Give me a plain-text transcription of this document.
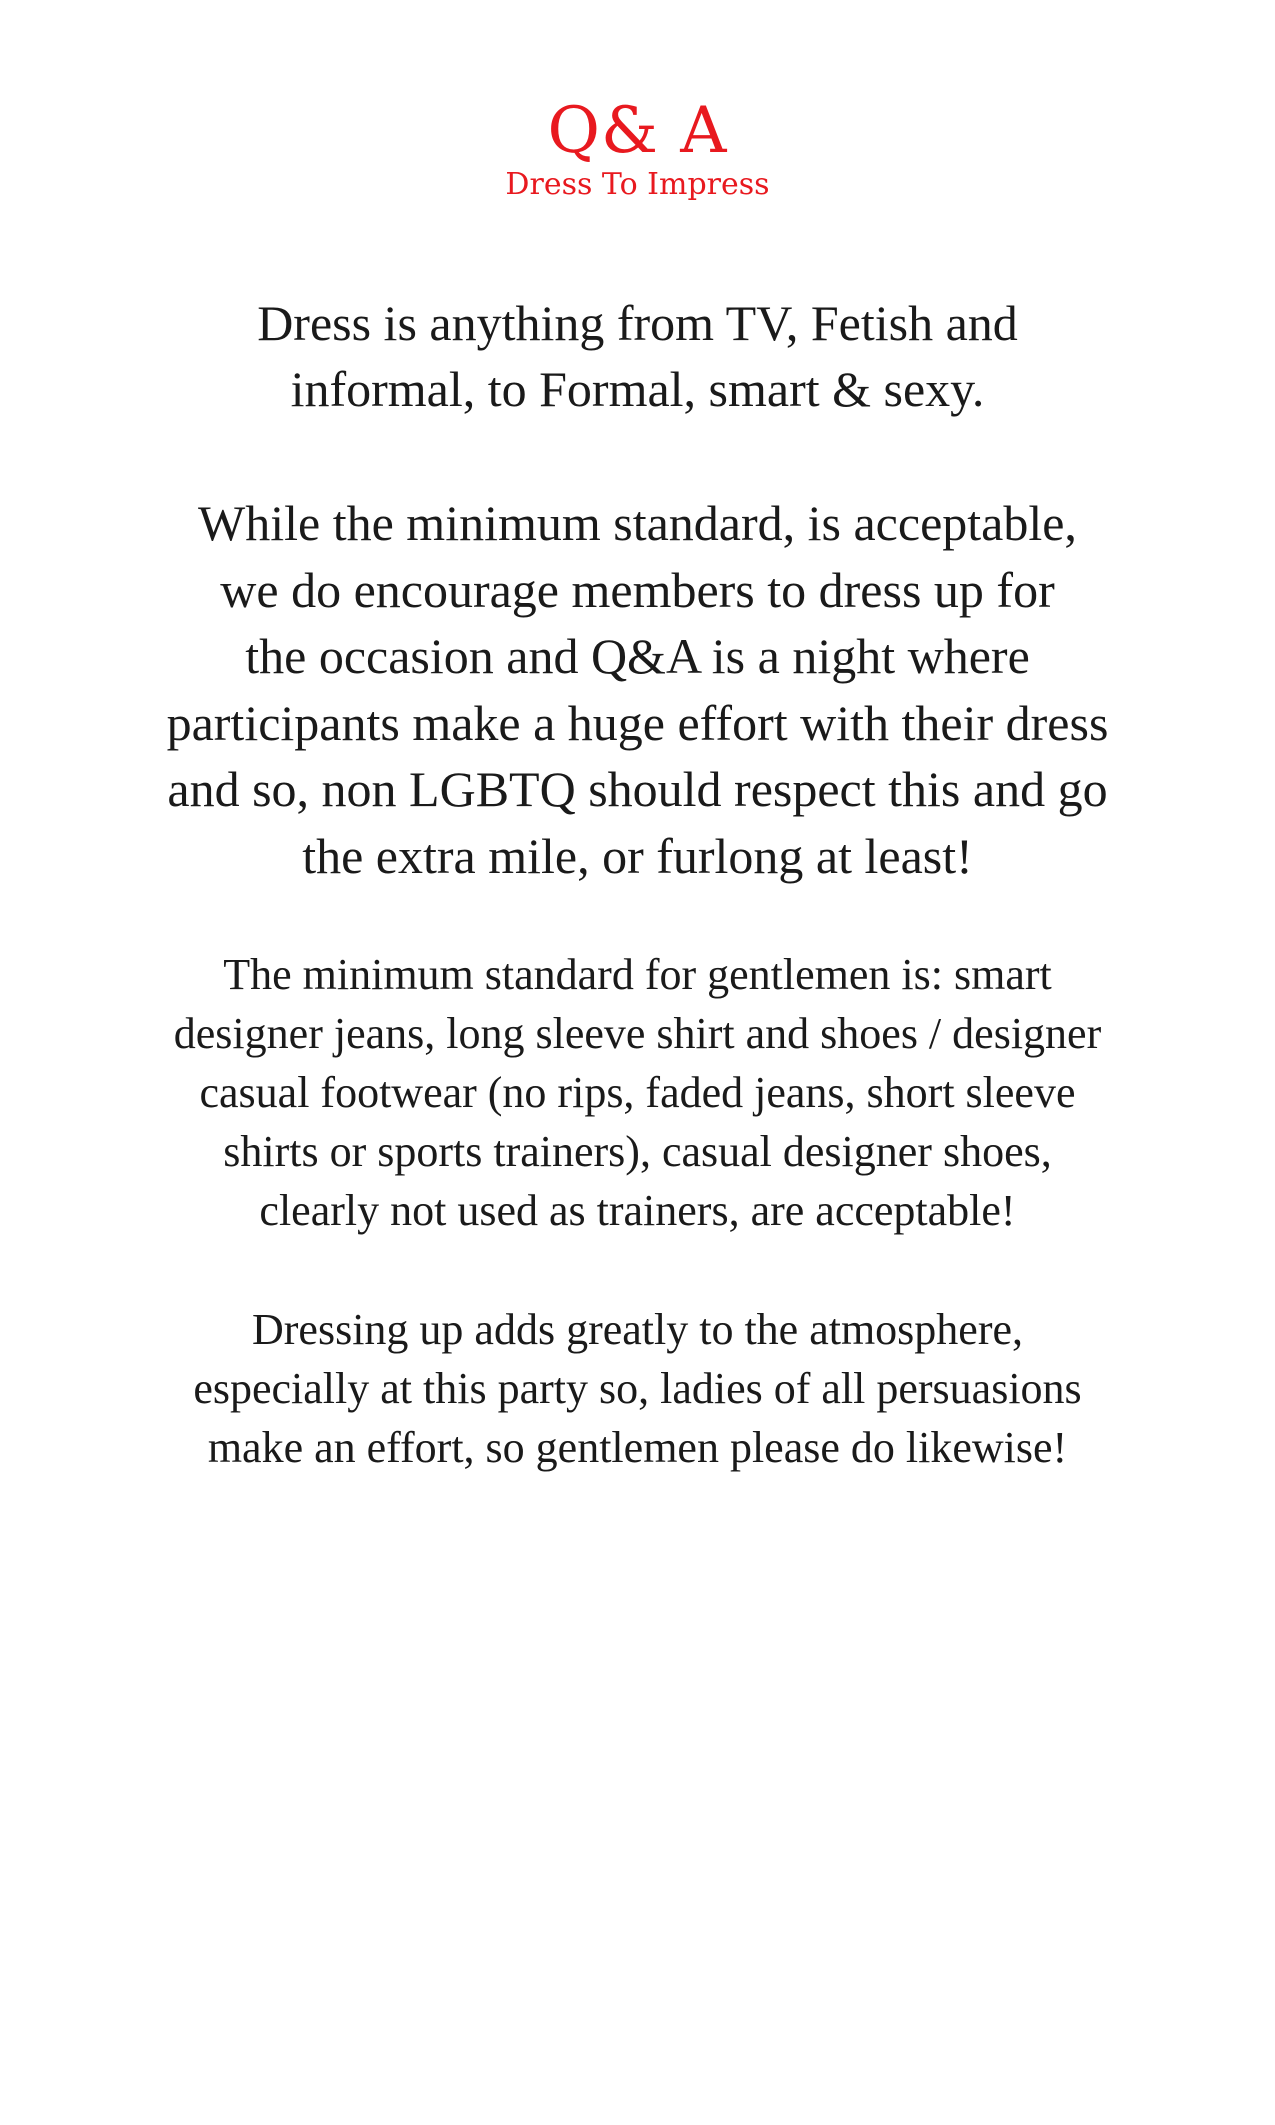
Q& A
Dress To Impress

Dress is anything from TV, Fetish and
informal, to Formal, smart & sexy.

While the minimum standard, is acceptable,
we do encourage members to dress up for
the occasion and Q&A is a night where
participants make a huge effort with their dress
and so, non LGBTQ should respect this and go
the extra mile, or furlong at least!

The minimum standard for gentlemen is: smart
designer jeans, long sleeve shirt and shoes / designer
casual footwear (no rips, faded jeans, short sleeve
shirts or sports trainers), casual designer shoes,
clearly not used as trainers, are acceptable!

Dressing up adds greatly to the atmosphere,
especially at this party so, ladies of all persuasions
make an effort, so gentlemen please do likewise!
